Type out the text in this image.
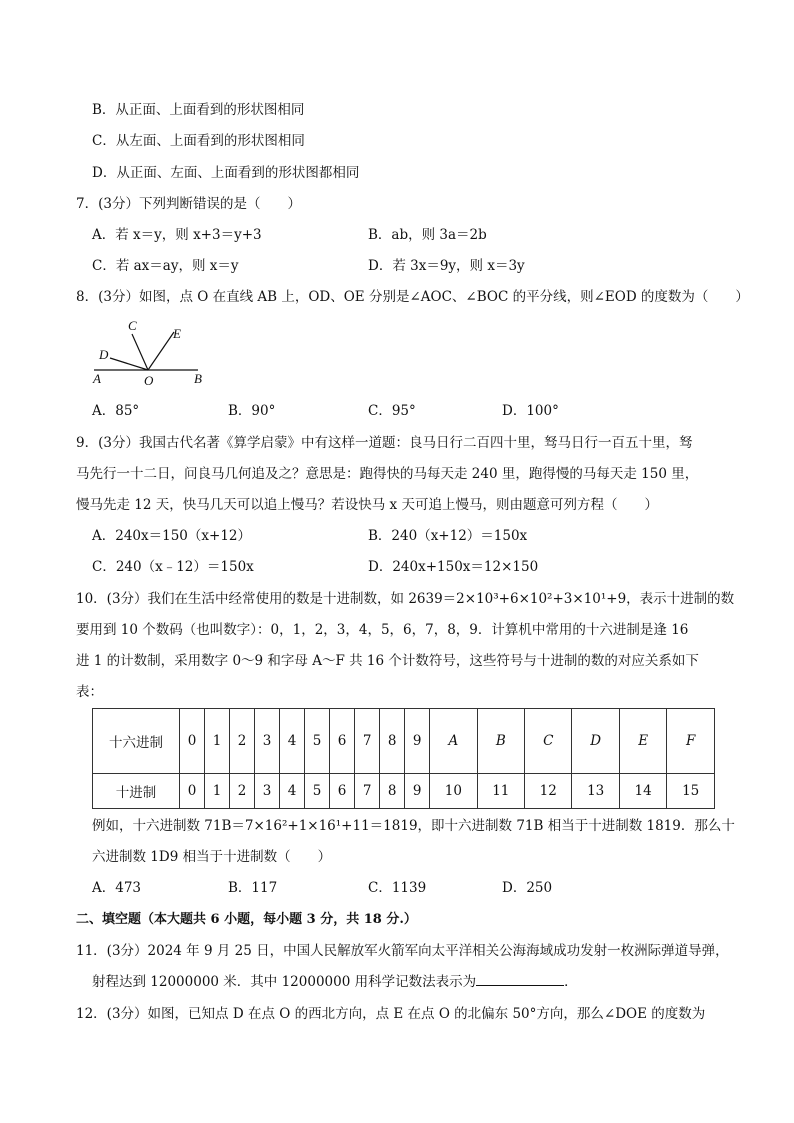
B．从正面、上面看到的形状图相同
C．从左面、上面看到的形状图相同
D．从正面、左面、上面看到的形状图都相同
7．(3分）下列判断错误的是（　　）
A．若 x＝y，则 x+3＝y+3	B．ab，则 3a＝2b
C．若 ax＝ay，则 x＝y	D．若 3x＝9y，则 x＝3y
8．(3分）如图，点 O 在直线 AB 上，OD、OE 分别是∠AOC、∠BOC 的平分线，则∠EOD 的度数为（　　）
C
E
D
A	O	B
A．85°	B．90°	C．95°	D．100°
9．(3分）我国古代名著《算学启蒙》中有这样一道题：良马日行二百四十里，驽马日行一百五十里，驽
马先行一十二日，问良马几何追及之？意思是：跑得快的马每天走 240 里，跑得慢的马每天走 150 里，
慢马先走 12 天，快马几天可以追上慢马？若设快马 x 天可追上慢马，则由题意可列方程（　　）
A．240x＝150（x+12）	B．240（x+12）＝150x
C．240（x﹣12）＝150x	D．240x+150x＝12×150
10．(3分）我们在生活中经常使用的数是十进制数，如 2639＝2×10³+6×10²+3×10¹+9，表示十进制的数
要用到 10 个数码（也叫数字）：0，1，2，3，4，5，6，7，8，9．计算机中常用的十六进制是逢 16
进 1 的计数制，采用数字 0～9 和字母 A～F 共 16 个计数符号，这些符号与十进制的数的对应关系如下
表：
十六进制	0	1	2	3	4	5	6	7	8	9	A	B	C	D	E	F
十进制	0	1	2	3	4	5	6	7	8	9	10	11	12	13	14	15
例如，十六进制数 71B＝7×16²+1×16¹+11＝1819，即十六进制数 71B 相当于十进制数 1819．那么十
六进制数 1D9 相当于十进制数（　　）
A．473	B．117	C．1139	D．250
二、填空题（本大题共 6 小题，每小题 3 分，共 18 分.）
11．(3分）2024 年 9 月 25 日，中国人民解放军火箭军向太平洋相关公海海域成功发射一枚洲际弹道导弹，
射程达到 12000000 米．其中 12000000 用科学记数法表示为	．
12．(3分）如图，已知点 D 在点 O 的西北方向，点 E 在点 O 的北偏东 50°方向，那么∠DOE 的度数为
